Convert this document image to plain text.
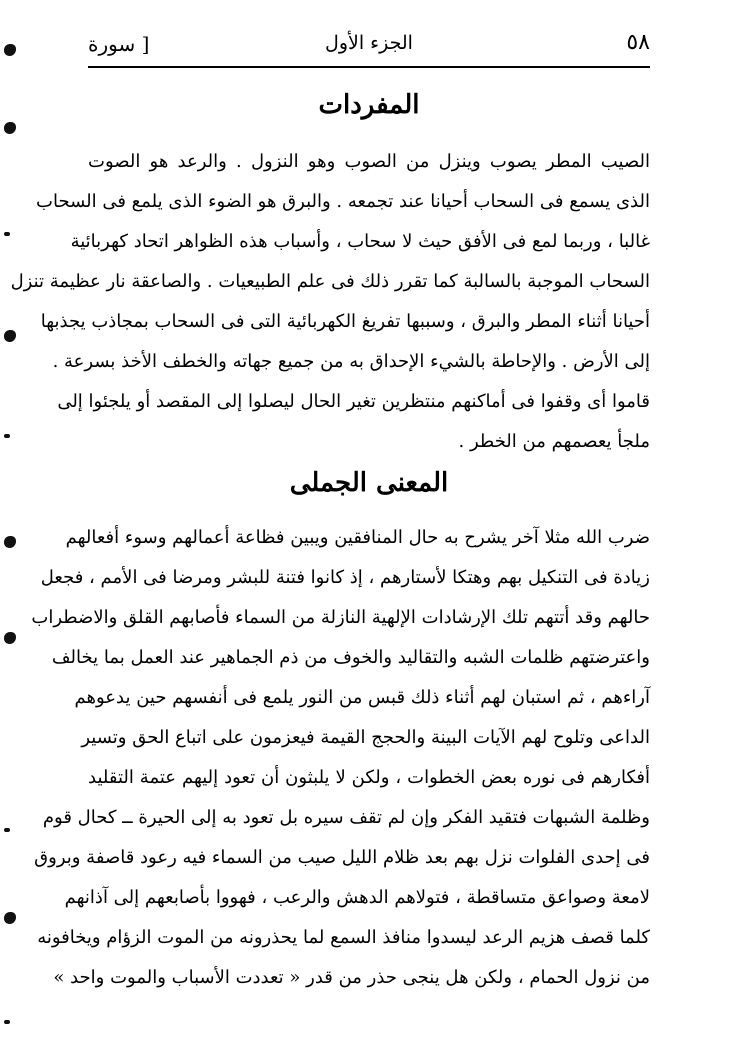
٥٨
الجزء الأول
[ سورة
المفردات
الصيب المطر يصوب وينزل من الصوب وهو النزول . والرعد هو الصوت
الذى يسمع فى السحاب أحيانا عند تجمعه . والبرق هو الضوء الذى يلمع فى السحاب
غالبا ، وربما لمع فى الأفق حيث لا سحاب ، وأسباب هذه الظواهر اتحاد كهربائية
السحاب الموجبة بالسالبة كما تقرر ذلك فى علم الطبيعيات . والصاعقة نار عظيمة تنزل
أحيانا أثناء المطر والبرق ، وسببها تفريغ الكهربائية التى فى السحاب بمجاذب يجذبها
إلى الأرض . والإحاطة بالشيء الإحداق به من جميع جهاته والخطف الأخذ بسرعة .
قاموا أى وقفوا فى أماكنهم منتظرين تغير الحال ليصلوا إلى المقصد أو يلجئوا إلى
ملجأ يعصمهم من الخطر .
المعنى الجملى
ضرب الله مثلا آخر يشرح به حال المنافقين ويبين فظاعة أعمالهم وسوء أفعالهم
زيادة فى التنكيل بهم وهتكا لأستارهم ، إذ كانوا فتنة للبشر ومرضا فى الأمم ، فجعل
حالهم وقد أتتهم تلك الإرشادات الإلهية النازلة من السماء فأصابهم القلق والاضطراب
واعترضتهم ظلمات الشبه والتقاليد والخوف من ذم الجماهير عند العمل بما يخالف
آراءهم ، ثم استبان لهم أثناء ذلك قبس من النور يلمع فى أنفسهم حين يدعوهم
الداعى وتلوح لهم الآيات البينة والحجج القيمة فيعزمون على اتباع الحق وتسير
أفكارهم فى نوره بعض الخطوات ، ولكن لا يلبثون أن تعود إليهم عتمة التقليد
وظلمة الشبهات فتقيد الفكر وإن لم تقف سيره بل تعود به إلى الحيرة ــ كحال قوم
فى إحدى الفلوات نزل بهم بعد ظلام الليل صيب من السماء فيه رعود قاصفة وبروق
لامعة وصواعق متساقطة ، فتولاهم الدهش والرعب ، فهووا بأصابعهم إلى آذانهم
كلما قصف هزيم الرعد ليسدوا منافذ السمع لما يحذرونه من الموت الزؤام ويخافونه
من نزول الحمام ، ولكن هل ينجى حذر من قدر « تعددت الأسباب والموت واحد »
